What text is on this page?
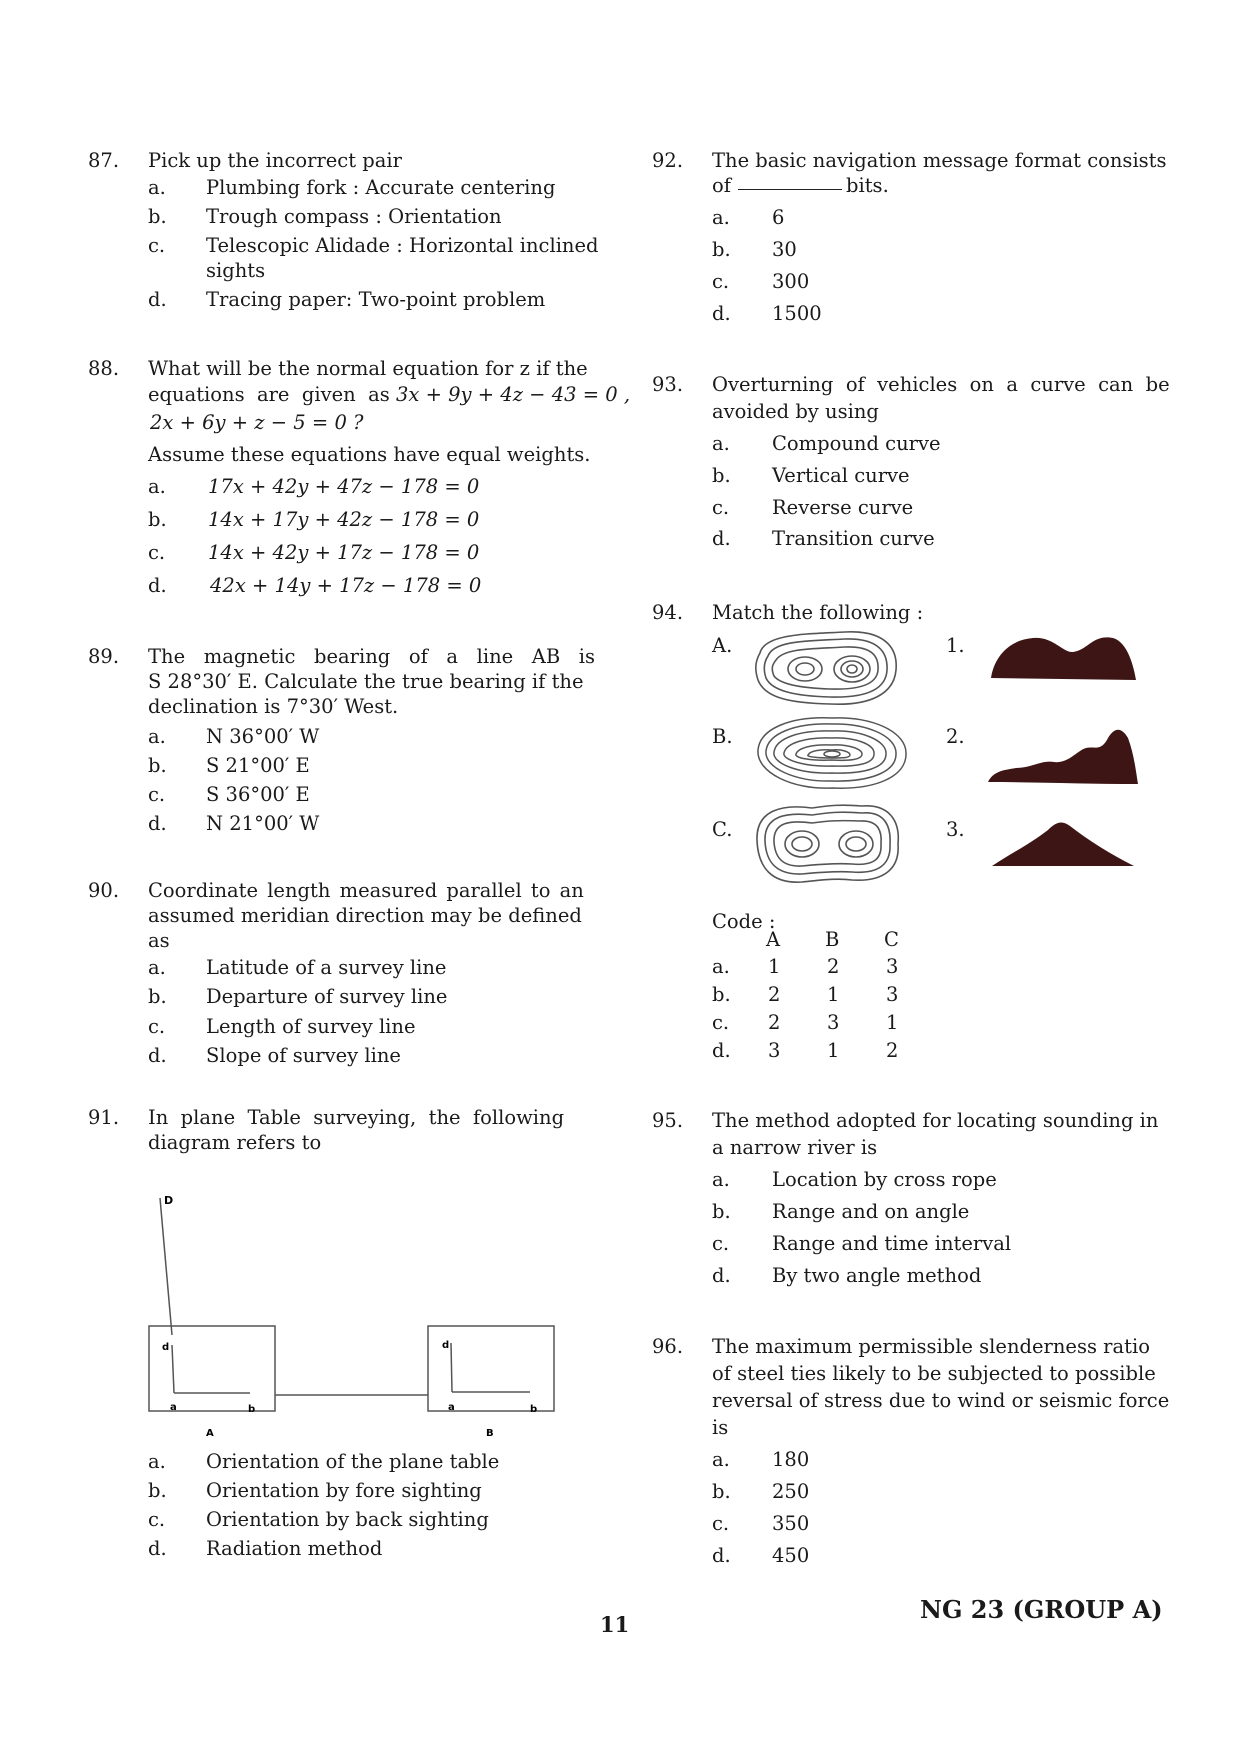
87. Pick up the incorrect pair
a. Plumbing fork : Accurate centering
b. Trough compass : Orientation
c. Telescopic Alidade : Horizontal inclined
sights
d. Tracing paper: Two-point problem
88. What will be the normal equation for z if the
equations  are  given  as 3x + 9y + 4z − 43 = 0 ,
2x + 6y + z − 5 = 0 ?
Assume these equations have equal weights.
a. 17x + 42y + 47z − 178 = 0
b. 14x + 17y + 42z − 178 = 0
c. 14x + 42y + 17z − 178 = 0
d. 42x + 14y + 17z − 178 = 0
89. The   magnetic   bearing   of   a   line   AB   is
S 28°30′ E. Calculate the true bearing if the
declination is 7°30′ West.
a. N 36°00′ W
b. S 21°00′ E
c. S 36°00′ E
d. N 21°00′ W
90. Coordinate length measured parallel to an
assumed meridian direction may be defined
as
a. Latitude of a survey line
b. Departure of survey line
c. Length of survey line
d. Slope of survey line
91. In  plane  Table  surveying,  the  following
diagram refers to
a. Orientation of the plane table
b. Orientation by fore sighting
c. Orientation by back sighting
d. Radiation method
D
d
a	b
d
a	b
A	B
92. The basic navigation message format consists
of	bits.
a. 6
b. 30
c. 300
d. 1500
93. Overturning  of  vehicles  on  a  curve  can  be
avoided by using
a. Compound curve
b. Vertical curve
c. Reverse curve
d. Transition curve
94. Match the following :
A.
B.
C.
1.
2.
3.
Code :
A B C
a. 1 2 3
b. 2 1 3
c. 2 3 1
d. 3 1 2
95. The method adopted for locating sounding in
a narrow river is
a. Location by cross rope
b. Range and on angle
c. Range and time interval
d. By two angle method
96. The maximum permissible slenderness ratio
of steel ties likely to be subjected to possible
reversal of stress due to wind or seismic force
is
a. 180
b. 250
c. 350
d. 450
11
NG 23 (GROUP A)
